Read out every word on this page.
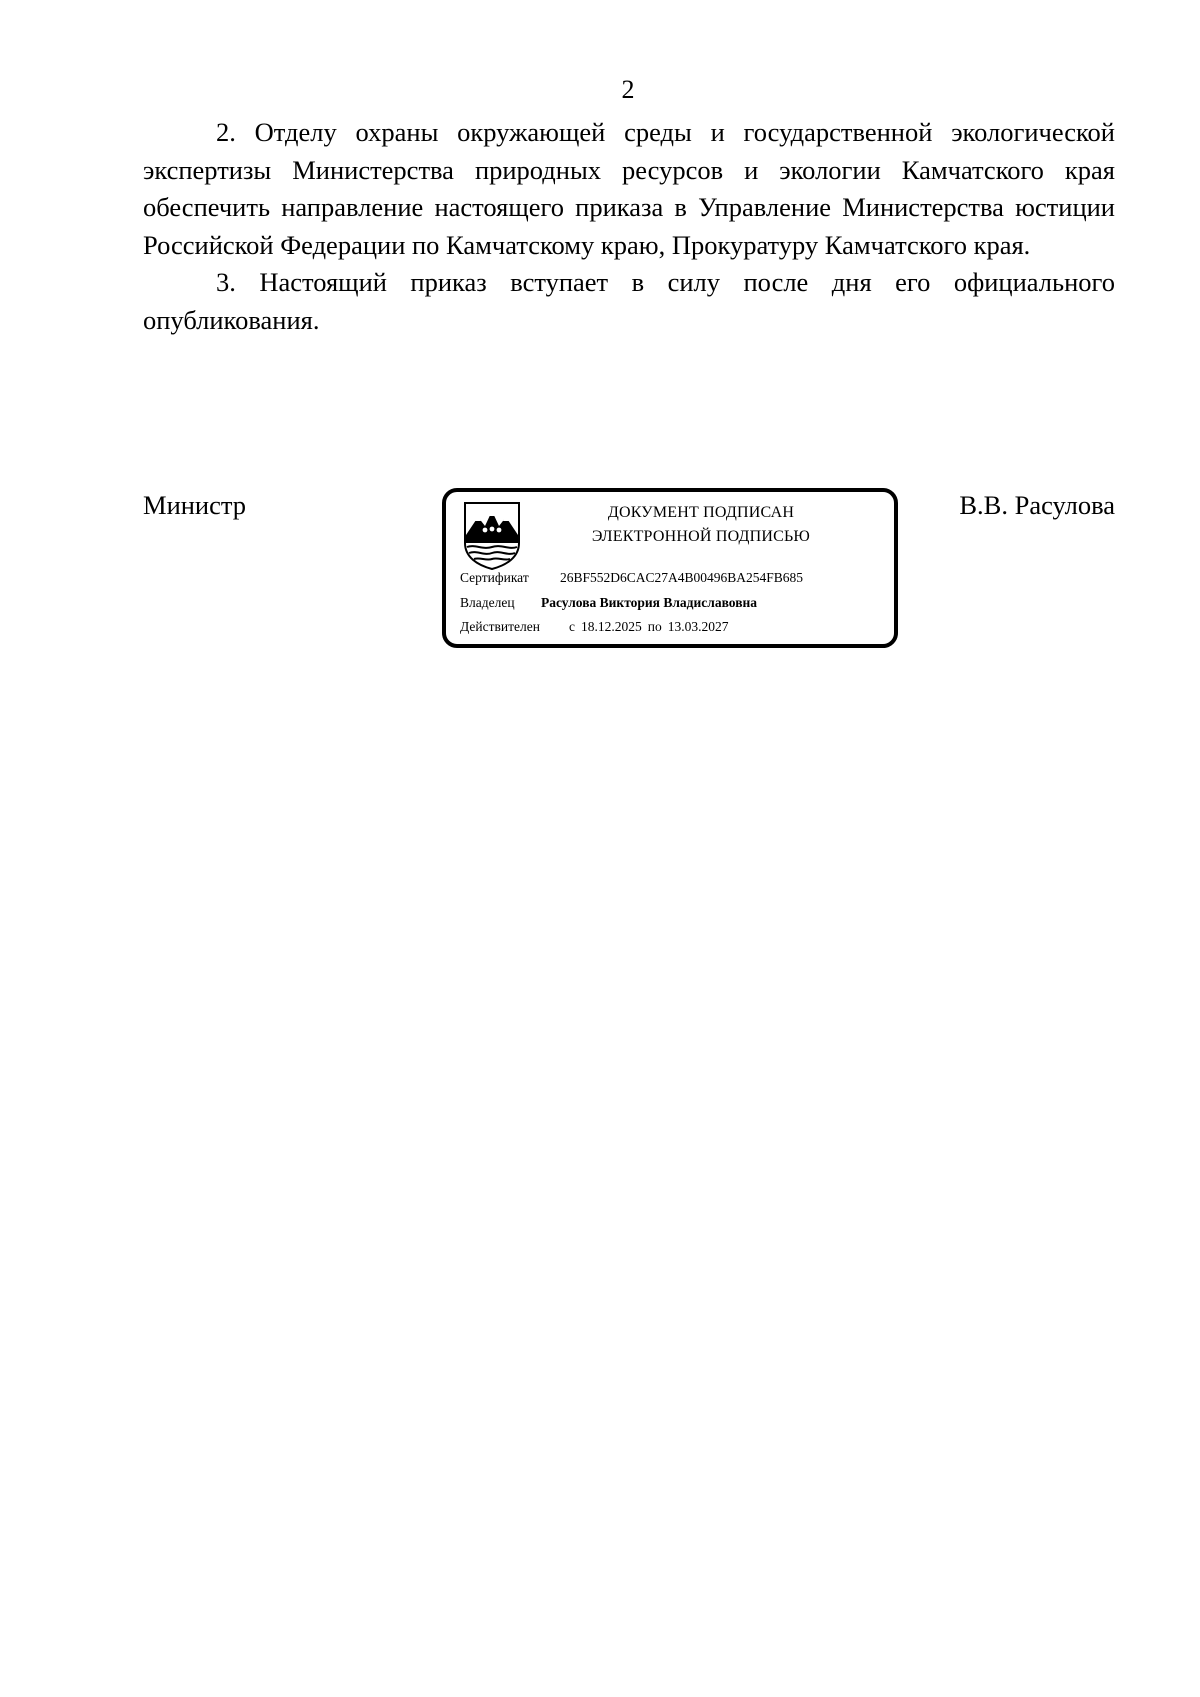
2

2. Отделу охраны окружающей среды и государственной экологической экспертизы Министерства природных ресурсов и экологии Камчатского края обеспечить направление настоящего приказа в Управление Министерства юстиции Российской Федерации по Камчатскому краю, Прокуратуру Камчатского края.

3. Настоящий приказ вступает в силу после дня его официального опубликования.

Министр	ДОКУМЕНТ ПОДПИСАН
ЭЛЕКТРОННОЙ ПОДПИСЬЮ
Сертификат 26BF552D6CAC27A4B00496BA254FB685
Владелец Расулова Виктория Владиславовна
Действителен с 18.12.2025 по 13.03.2027
В.В. Расулова
